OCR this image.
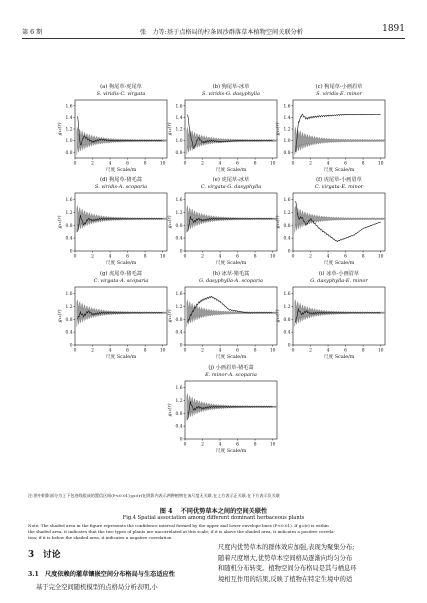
第 6 期	张　力等:基于点格局的柠条固沙群落草本植物空间关联分析	1891
g₁₂(r)
(a) 狗尾草-虎尾草
S. viridis-C. virgata
0.8
1.0
1.2
1.4
1.6
0	2	4	6	8	10
尺度 Scale/m
g₁₂(r)
(b) 狗尾草-冰草
S. viridis-G. dasyphylla
0.8
1.0
1.2
1.4
1.6
0	2	4	6	8	10
尺度 Scale/m
g₁₂(r)
(c) 狗尾草-小画眉草
S. viridis-E. minor
0.8
1.0
1.2
1.4
1.6
0	2	4	6	8	10
尺度 Scale/m
g₁₂(r)
(d) 狗尾草-猪毛蒿
S. viridis-A. scoparia
0
0.4
0.8
1.2
1.6
0	2	4	6	8	10
尺度 Scale/m
g₁₂(r)
(e) 虎尾草-冰草
C. virgata-G. dasyphylla
0
0.4
0.8
1.2
1.6
0	2	4	6	8	10
尺度 Scale/m
g₁₂(r)
(f) 虎尾草-小画眉草
C. virgata-E. minor
0
0.4
0.8
1.2
1.6
0	2	4	6	8	10
尺度 Scale/m
g₁₂(r)
(g) 虎尾草-猪毛蒿
C. virgata-A. scoparia
0
0.4
0.8
1.2
1.6
0	2	4	6	8	10
尺度 Scale/m
g₁₂(r)
(h) 冰草-猪毛蒿
G. dasyphylla-A. scoparia
0
0.4
0.8
1.2
1.6
0	2	4	6	8	10
尺度 Scale/m
g₁₂(r)
(i) 冰草-小画眉草
G. dasyphylla-E. minor
0
0.4
0.8
1.2
1.6
0	2	4	6	8	10
尺度 Scale/m
g₁₂(r)
(j) 小画眉草-猪毛蒿
E. minor-A. scoparia
0
0.4
0.8
1.2
1.6
0	2	4	6	8	10
尺度 Scale/m
注:图中阴影部分为上下包迹线组成的置信区间(P<0.01);g₁₂(r)在阴影内表示两种植物在该尺度无关联,在上方表示正关联,在下方表示负关联
图 4 不同优势草本之间的空间关联性
Fig.4 Spatial association among different dominant herbaceous plants
Note: The shaded area in the figure represents the confidence interval formed by the upper and lower envelope lines (P<0.01). If g₁₂(r) is within
the shaded area, it indicates that the two types of plants are uncorrelated at this scale; if it is above the shaded area, it indicates a positive correla-
tion; if it is below the shaded area, it indicates a negative correlation
3　讨论
3.1　尺度依赖的灌草镶嵌空间分布格局与生态适应性
基于完全空间随机模型的点格局分析表明,小
尺度内优势草本的群体效应加强,表现为聚集分布;
随着尺度增大,优势草本空间格局逐渐向均匀分布
和随机分布转变。植物空间分布格局是其与栖息环
境相互作用的结果,反映了植物在特定生境中的适
